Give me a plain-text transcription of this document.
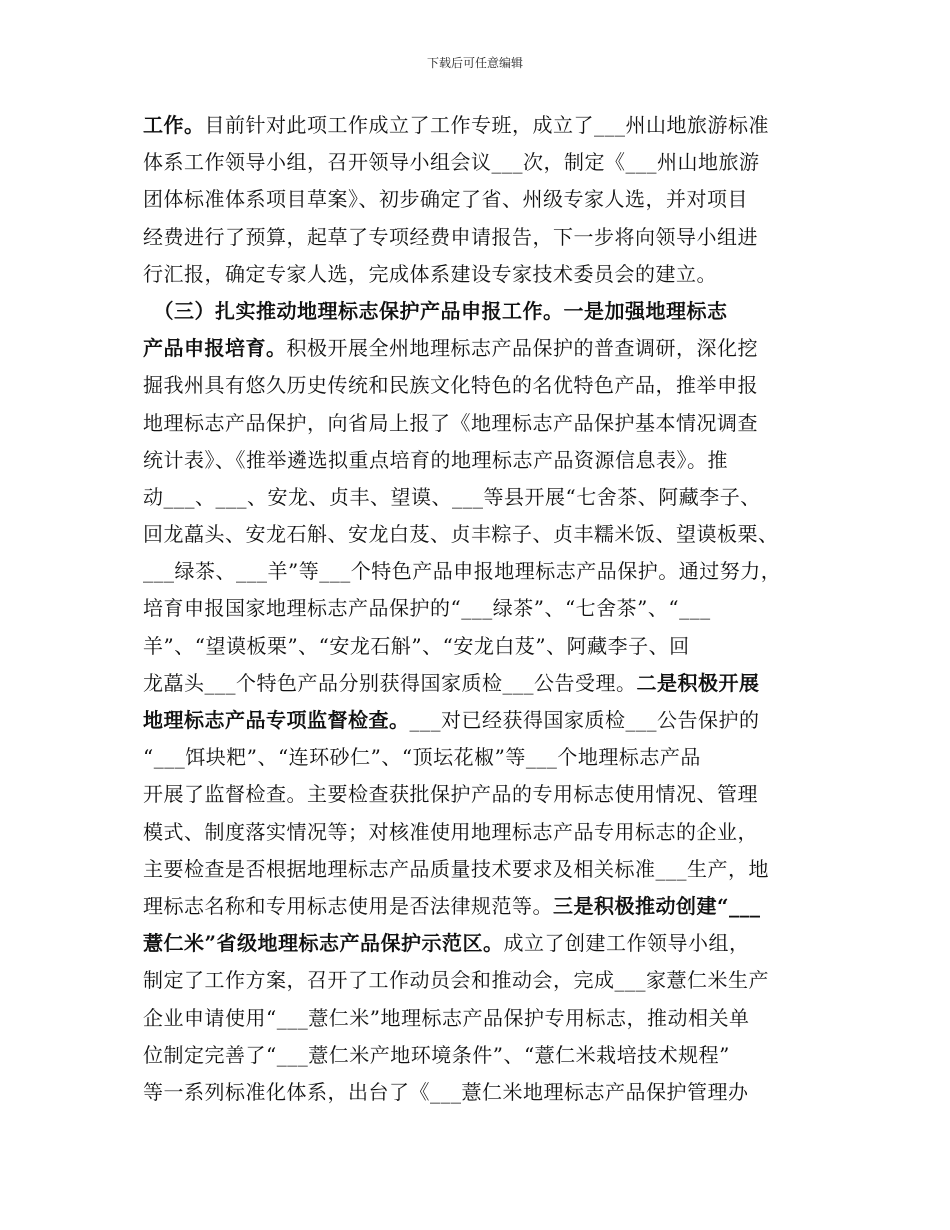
下载后可任意编辑
工作。目前针对此项工作成立了工作专班，成立了___州山地旅游标准
体系工作领导小组，召开领导小组会议___次，制定《___州山地旅游
团体标准体系项目草案》、初步确定了省、州级专家人选，并对项目
经费进行了预算，起草了专项经费申请报告，下一步将向领导小组进
行汇报，确定专家人选，完成体系建设专家技术委员会的建立。
　（三）扎实推动地理标志保护产品申报工作。一是加强地理标志
产品申报培育。积极开展全州地理标志产品保护的普查调研，深化挖
掘我州具有悠久历史传统和民族文化特色的名优特色产品，推举申报
地理标志产品保护，向省局上报了《地理标志产品保护基本情况调查
统计表》、《推举遴选拟重点培育的地理标志产品资源信息表》。推
动___、___、安龙、贞丰、望谟、___等县开展“七舍茶、阿藏李子、
回龙藠头、安龙石斛、安龙白芨、贞丰粽子、贞丰糯米饭、望谟板栗、
___绿茶、___羊”等___个特色产品申报地理标志产品保护。通过努力，
培育申报国家地理标志产品保护的“___绿茶”、“七舍茶”、“___
羊”、“望谟板栗”、“安龙石斛”、“安龙白芨”、阿藏李子、回
龙藠头___个特色产品分别获得国家质检___公告受理。二是积极开展
地理标志产品专项监督检查。___对已经获得国家质检___公告保护的
“___饵块粑”、“连环砂仁”、“顶坛花椒”等___个地理标志产品
开展了监督检查。主要检查获批保护产品的专用标志使用情况、管理
模式、制度落实情况等；对核准使用地理标志产品专用标志的企业，
主要检查是否根据地理标志产品质量技术要求及相关标准___生产，地
理标志名称和专用标志使用是否法律规范等。三是积极推动创建“___
薏仁米”省级地理标志产品保护示范区。成立了创建工作领导小组，
制定了工作方案，召开了工作动员会和推动会，完成___家薏仁米生产
企业申请使用“___薏仁米”地理标志产品保护专用标志，推动相关单
位制定完善了“___薏仁米产地环境条件”、“薏仁米栽培技术规程”
等一系列标准化体系，出台了《___薏仁米地理标志产品保护管理办
